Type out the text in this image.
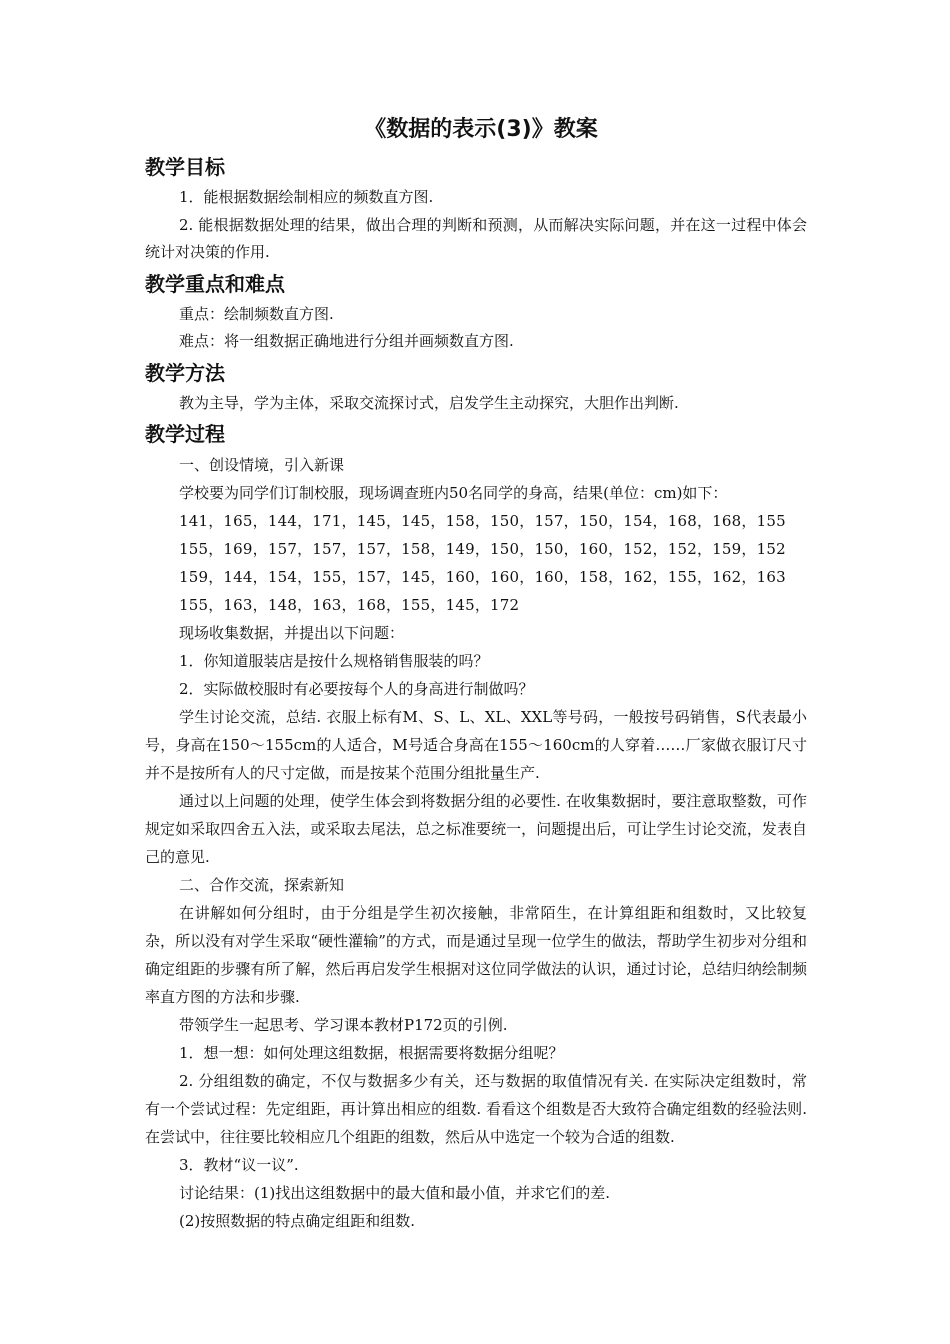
《数据的表示(3)》教案
教学目标

1．能根据数据绘制相应的频数直方图.

2. 能根据数据处理的结果，做出合理的判断和预测，从而解决实际问题，并在这一过程中体会统计对决策的作用.

教学重点和难点

重点：绘制频数直方图.

难点：将一组数据正确地进行分组并画频数直方图.

教学方法

教为主导，学为主体，采取交流探讨式，启发学生主动探究，大胆作出判断.

教学过程

一、创设情境，引入新课

学校要为同学们订制校服，现场调查班内50名同学的身高，结果(单位：cm)如下：

141，165，144，171，145，145，158，150，157，150，154，168，168，155

155，169，157，157，157，158，149，150，150，160，152，152，159，152

159，144，154，155，157，145，160，160，160，158，162，155，162，163

155，163，148，163，168，155，145，172

现场收集数据，并提出以下问题：

1．你知道服装店是按什么规格销售服装的吗？

2．实际做校服时有必要按每个人的身高进行制做吗？

学生讨论交流，总结. 衣服上标有M、S、L、XL、XXL等号码，一般按号码销售，S代表最小号，身高在150～155cm的人适合，M号适合身高在155～160cm的人穿着……厂家做衣服订尺寸并不是按所有人的尺寸定做，而是按某个范围分组批量生产.

通过以上问题的处理，使学生体会到将数据分组的必要性. 在收集数据时，要注意取整数，可作规定如采取四舍五入法，或采取去尾法，总之标准要统一，问题提出后，可让学生讨论交流，发表自己的意见.

二、合作交流，探索新知

在讲解如何分组时，由于分组是学生初次接触，非常陌生，在计算组距和组数时，又比较复杂，所以没有对学生采取“硬性灌输”的方式，而是通过呈现一位学生的做法，帮助学生初步对分组和确定组距的步骤有所了解，然后再启发学生根据对这位同学做法的认识，通过讨论，总结归纳绘制频率直方图的方法和步骤.

带领学生一起思考、学习课本教材P172页的引例.

1．想一想：如何处理这组数据，根据需要将数据分组呢？

2. 分组组数的确定，不仅与数据多少有关，还与数据的取值情况有关. 在实际决定组数时，常有一个尝试过程：先定组距，再计算出相应的组数. 看看这个组数是否大致符合确定组数的经验法则. 在尝试中，往往要比较相应几个组距的组数，然后从中选定一个较为合适的组数.

3．教材“议一议”.

讨论结果：(1)找出这组数据中的最大值和最小值，并求它们的差.

(2)按照数据的特点确定组距和组数.
